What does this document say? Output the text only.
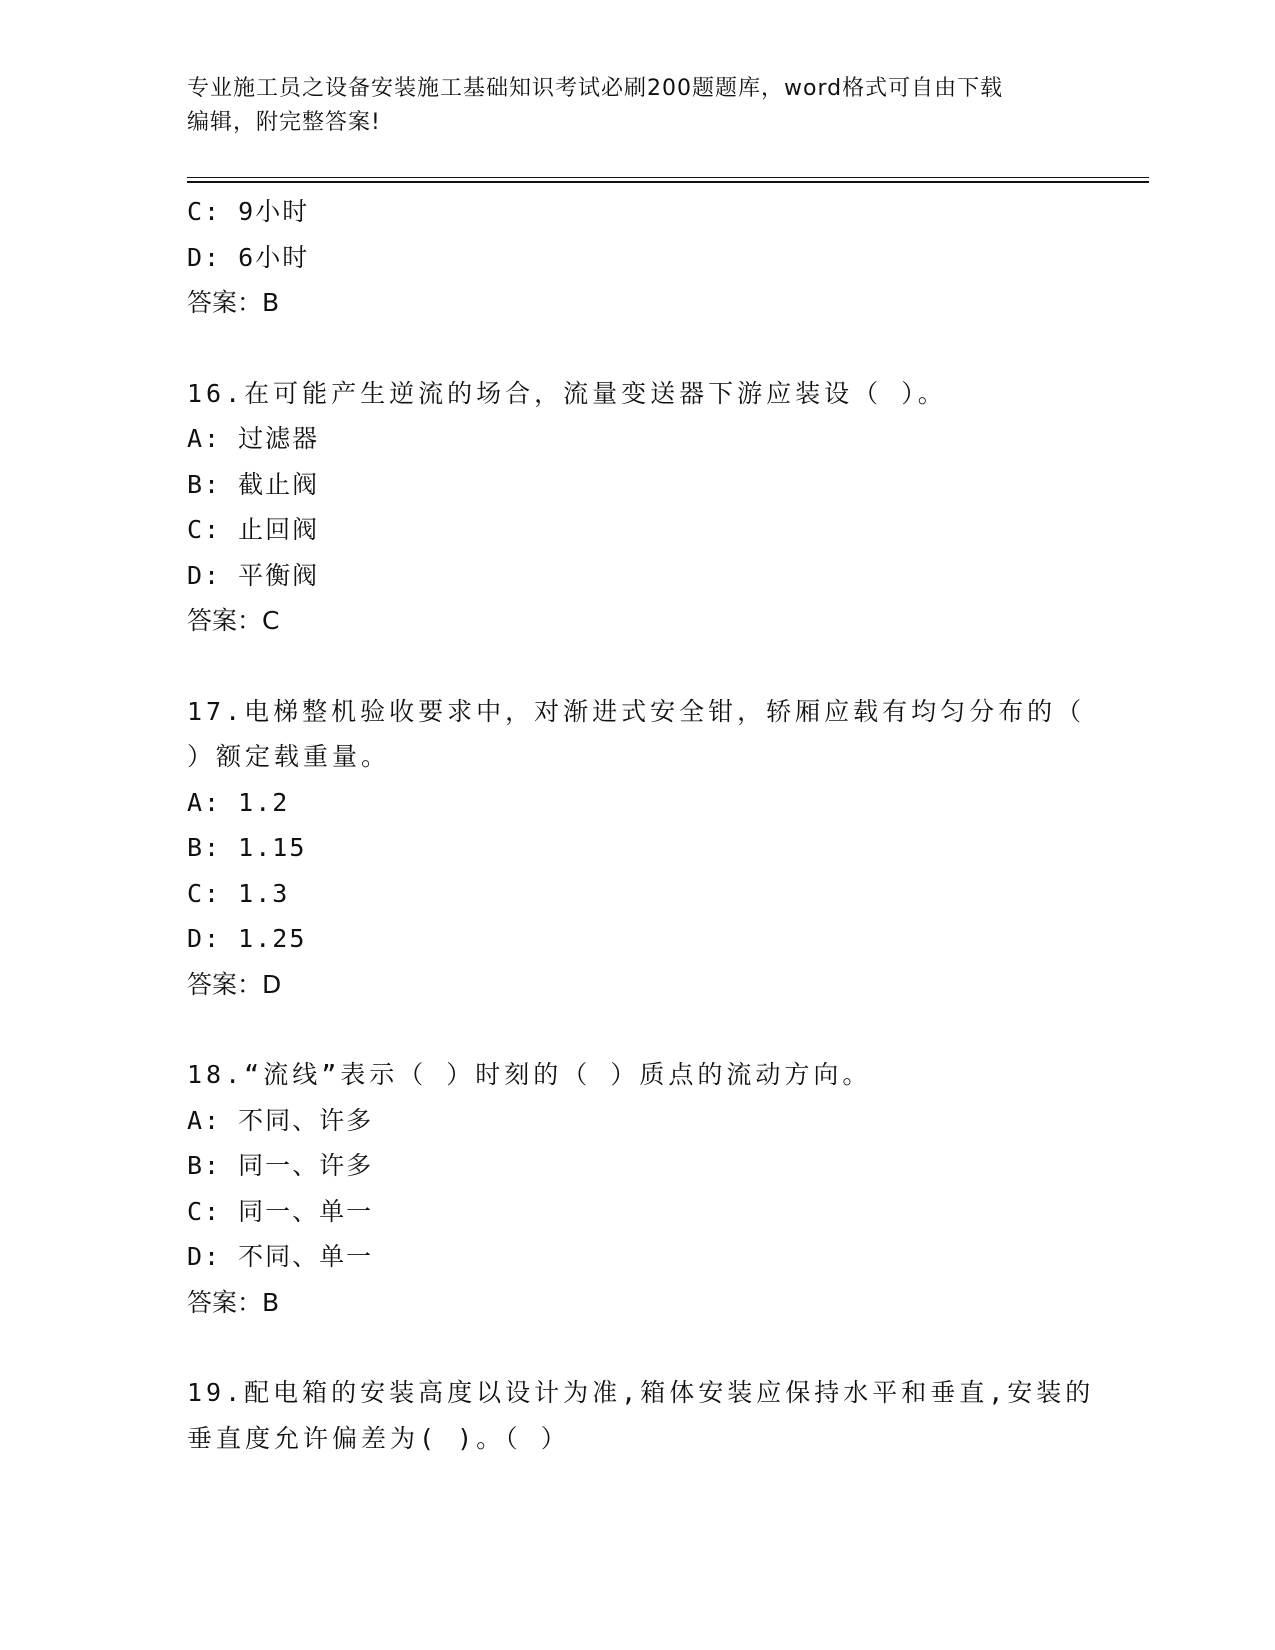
专业施工员之设备安装施工基础知识考试必刷200题题库，word格式可自由下载
编辑，附完整答案!
C: 9小时
D: 6小时
答案：B
16.在可能产生逆流的场合，流量变送器下游应装设（ ）。
A: 过滤器
B: 截止阀
C: 止回阀
D: 平衡阀
答案：C
17.电梯整机验收要求中，对渐进式安全钳，轿厢应载有均匀分布的（
）额定载重量。
A: 1.2
B: 1.15
C: 1.3
D: 1.25
答案：D
18.“流线”表示（ ）时刻的（ ）质点的流动方向。
A: 不同、许多
B: 同一、许多
C: 同一、单一
D: 不同、单一
答案：B
19.配电箱的安装高度以设计为准,箱体安装应保持水平和垂直,安装的
垂直度允许偏差为( )。（ ）
